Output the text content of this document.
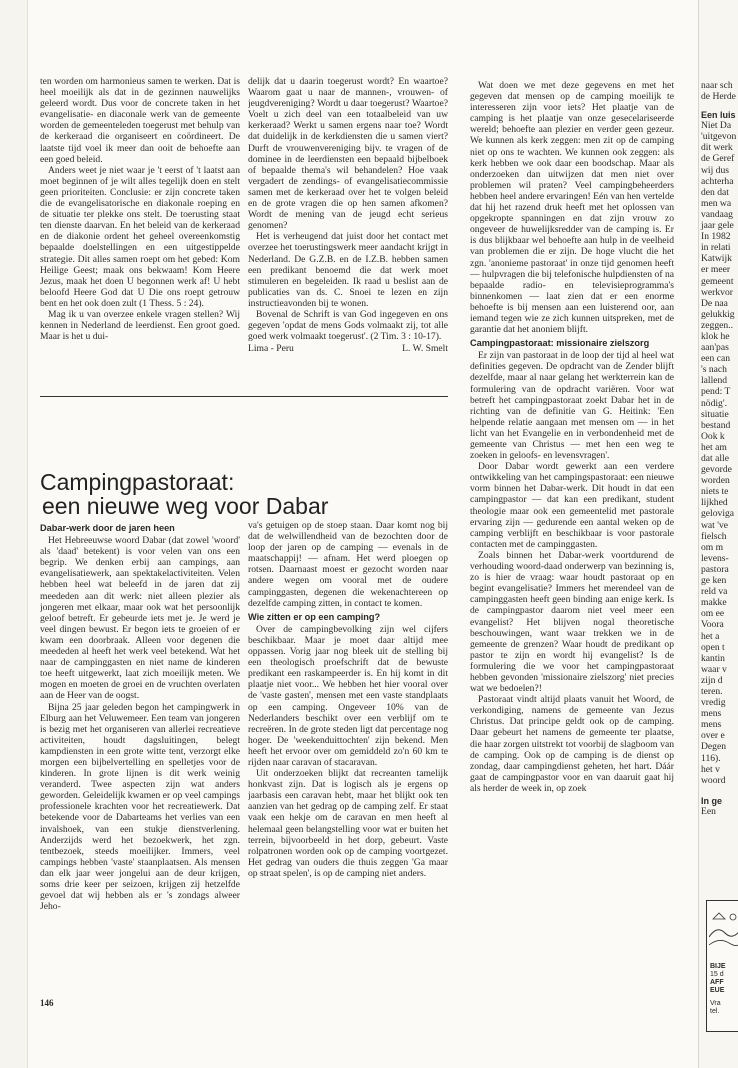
ten worden om harmonieus samen te werken. Dat is heel moeilijk als dat in de gezinnen nauwelijks geleerd wordt. Dus voor de concrete taken in het evangelisatie- en diaconale werk van de gemeente worden de gemeenteleden toegerust met behulp van de kerkeraad die organiseert en coördineert. De laatste tijd voel ik meer dan ooit de behoefte aan een goed beleid.

Anders weet je niet waar je 't eerst of 't laatst aan moet beginnen of je wilt alles tegelijk doen en stelt geen prioriteiten. Conclusie: er zijn concrete taken die de evangelisatorische en diakonale roeping en de situatie ter plekke ons stelt. De toerusting staat ten dienste daarvan. En het beleid van de kerkeraad en de diakonie ordent het geheel overeenkomstig bepaalde doelstellingen en een uitgestippelde strategie. Dit alles samen roept om het gebed: Kom Heilige Geest; maak ons bekwaam! Kom Heere Jezus, maak het doen U begonnen werk af! U hebt beloofd Heere God dat U Die ons roept getrouw bent en het ook doen zult (1 Thess. 5 : 24).

Mag ik u van overzee enkele vragen stellen? Wij kennen in Nederland de leerdienst. Een groot goed. Maar is het u dui-

delijk dat u daarin toegerust wordt? En waartoe? Waarom gaat u naar de mannen-, vrouwen- of jeugdvereniging? Wordt u daar toegerust? Waartoe? Voelt u zich deel van een totaalbeleid van uw kerkeraad? Werkt u samen ergens naar toe? Wordt dat duidelijk in de kerkdiensten die u samen viert? Durft de vrouwenvereniging bijv. te vragen of de dominee in de leerdiensten een bepaald bijbelboek of bepaalde thema's wil behandelen? Hoe vaak vergadert de zendings- of evangelisatiecommissie samen met de kerkeraad over het te volgen beleid en de grote vragen die op hen samen afkomen? Wordt de mening van de jeugd echt serieus genomen?

Het is verheugend dat juist door het contact met overzee het toerustingswerk meer aandacht krijgt in Nederland. De G.Z.B. en de I.Z.B. hebben samen een predikant benoemd die dat werk moet stimuleren en begeleiden. Ik raad u beslist aan de publicaties van ds. C. Snoei te lezen en zijn instructieavonden bij te wonen.

Bovenal de Schrift is van God ingegeven en ons gegeven 'opdat de mens Gods volmaakt zij, tot alle goed werk volmaakt toegerust'. (2 Tim. 3 : 10-17).

Lima - Peru	L. W. Smelt
Campingpastoraat:
een nieuwe weg voor Dabar
Dabar-werk door de jaren heen

Het Hebreeuwse woord Dabar (dat zowel 'woord' als 'daad' betekent) is voor velen van ons een begrip. We denken erbij aan campings, aan evangelisatiewerk, aan spektakelactiviteiten. Velen hebben heel wat beleefd in de jaren dat zij meededen aan dit werk: niet alleen plezier als jongeren met elkaar, maar ook wat het persoonlijk geloof betreft. Er gebeurde iets met je. Je werd je veel dingen bewust. Er begon iets te groeien of er kwam een doorbraak. Alleen voor degenen die meededen al heeft het werk veel betekend. Wat het naar de campinggasten en niet name de kinderen toe heeft uitgewerkt, laat zich moeilijk meten. We mogen en moeten de groei en de vruchten overlaten aan de Heer van de oogst.

Bijna 25 jaar geleden begon het campingwerk in Elburg aan het Veluwemeer. Een team van jongeren is bezig met het organiseren van allerlei recreatieve activiteiten, houdt dagsluitingen, belegt kampdiensten in een grote witte tent, verzorgt elke morgen een bijbelvertelling en spelletjes voor de kinderen. In grote lijnen is dit werk weinig veranderd. Twee aspecten zijn wat anders geworden. Geleidelijk kwamen er op veel campings professionele krachten voor het recreatiewerk. Dat betekende voor de Dabarteams het verlies van een invalshoek, van een stukje dienstverlening. Anderzijds werd het bezoekwerk, het zgn. tentbezoek, steeds moeilijker. Immers, veel campings hebben 'vaste' staanplaatsen. Als mensen dan elk jaar weer jongelui aan de deur krijgen, soms drie keer per seizoen, krijgen zij hetzelfde gevoel dat wij hebben als er 's zondags alweer Jeho-

va's getuigen op de stoep staan. Daar komt nog bij dat de welwillendheid van de bezochten door de loop der jaren op de camping — evenals in de maatschappij! — afnam. Het werd ploegen op rotsen. Daarnaast moest er gezocht worden naar andere wegen om vooral met de oudere campinggasten, degenen die wekenachtereen op dezelfde camping zitten, in contact te komen.

Wie zitten er op een camping?

Over de campingbevolking zijn wel cijfers beschikbaar. Maar je moet daar altijd mee oppassen. Vorig jaar nog bleek uit de stelling bij een theologisch proefschrift dat de bewuste predikant een raskampeerder is. En hij komt in dit plaatje niet voor... We hebben het hier vooral over de 'vaste gasten', mensen met een vaste standplaats op een camping. Ongeveer 10% van de Nederlanders beschikt over een verblijf om te recreëren. In de grote steden ligt dat percentage nog hoger. De 'weekenduittochten' zijn bekend. Men heeft het ervoor over om gemiddeld zo'n 60 km te rijden naar caravan of stacaravan.

Uit onderzoeken blijkt dat recreanten tamelijk honkvast zijn. Dat is logisch als je ergens op jaarbasis een caravan hebt, maar het blijkt ook ten aanzien van het gedrag op de camping zelf. Er staat vaak een hekje om de caravan en men heeft al helemaal geen belangstelling voor wat er buiten het terrein, bijvoorbeeld in het dorp, gebeurt. Vaste rolpatronen worden ook op de camping voortgezet. Het gedrag van ouders die thuis zeggen 'Ga maar op straat spelen', is op de camping niet anders.

Wat doen we met deze gegevens en met het gegeven dat mensen op de camping moeilijk te interesseren zijn voor iets? Het plaatje van de camping is het plaatje van onze gesecelariseerde wereld; behoefte aan plezier en verder geen gezeur. We kunnen als kerk zeggen: men zit op de camping niet op ons te wachten. We kunnen ook zeggen: als kerk hebben we ook daar een boodschap. Maar als onderzoeken dan uitwijzen dat men niet over problemen wil praten? Veel campingbeheerders hebben heel andere ervaringen! Eén van hen vertelde dat hij het razend druk heeft met het oplossen van opgekropte spanningen en dat zijn vrouw zo ongeveer de huwelijksredder van de camping is. Er is dus blijkbaar wel behoefte aan hulp in de veelheid van problemen die er zijn. De hoge vlucht die het zgn. 'anonieme pastoraat' in onze tijd genomen heeft — hulpvragen die bij telefonische hulpdiensten of na bepaalde radio- en televisieprogramma's binnenkomen — laat zien dat er een enorme behoefte is bij mensen aan een luisterend oor, aan iemand tegen wie ze zich kunnen uitspreken, met de garantie dat het anoniem blijft.

Campingpastoraat: missionaire zielszorg

Er zijn van pastoraat in de loop der tijd al heel wat definities gegeven. De opdracht van de Zender blijft dezelfde, maar al naar gelang het werkterrein kan de formulering van de opdracht variëren. Voor wat betreft het campingpastoraat zoekt Dabar het in de richting van de definitie van G. Heitink: 'Een helpende relatie aangaan met mensen om — in het licht van het Evangelie en in verbondenheid met de gemeente van Christus — met hen een weg te zoeken in geloofs- en levensvragen'.

Door Dabar wordt gewerkt aan een verdere ontwikkeling van het campingspastoraat: een nieuwe vorm binnen het Dabar-werk. Dit houdt in dat een campingpastor — dat kan een predikant, student theologie maar ook een gemeentelid met pastorale ervaring zijn — gedurende een aantal weken op de camping verblijft en beschikbaar is voor pastorale contacten met de campinggasten.

Zoals binnen het Dabar-werk voortdurend de verhouding woord-daad onderwerp van bezinning is, zo is hier de vraag: waar houdt pastoraat op en begint evangelisatie? Immers het merendeel van de campinggasten heeft geen binding aan enige kerk. Is de campingpastor daarom niet veel meer een evangelist? Het blijven nogal theoretische beschouwingen, want waar trekken we in de gemeente de grenzen? Waar houdt de predikant op pastor te zijn en wordt hij evangelist? Is de formulering die we voor het campingpastoraat hebben gevonden 'missionaire zielszorg' niet precies wat we bedoelen?!

Pastoraat vindt altijd plaats vanuit het Woord, de verkondiging, namens de gemeente van Jezus Christus. Dat principe geldt ook op de camping. Daar gebeurt het namens de gemeente ter plaatse, die haar zorgen uitstrekt tot voorbij de slagboom van de camping. Ook op de camping is de dienst op zondag, daar campingdienst geheten, het hart. Dáár gaat de campingpastor voor en van daaruit gaat hij als herder de week in, op zoek

146
naar sch
de Herde
Een luis
Niet Da
'uitgevon
dit werk
de Geref
wij dus
achterha
den dat
men wa
vandaag
jaar gele
In 1982
in relati
Katwijk
er meer
gemeent
werkvor
De naa
gelukkig
zeggen..
klok he
aan'pas
een can
's nach
lallend
pend: T
nödig'.
situatie
bestand
Ook k
het am
dat alle
gevorde
worden
niets te
lijkhed
geloviga
wat 've
fielsch
om m
levens-
pastora
ge ken
reld va
makke
om ee
Voora
het a
open t
kantin
waar v
zijn d
teren.
vredig
mens
mens
over e
Degen
116).
het v
woord
In ge
Een
BIJE
15 d
AFF
EUE
Vra
tel.
